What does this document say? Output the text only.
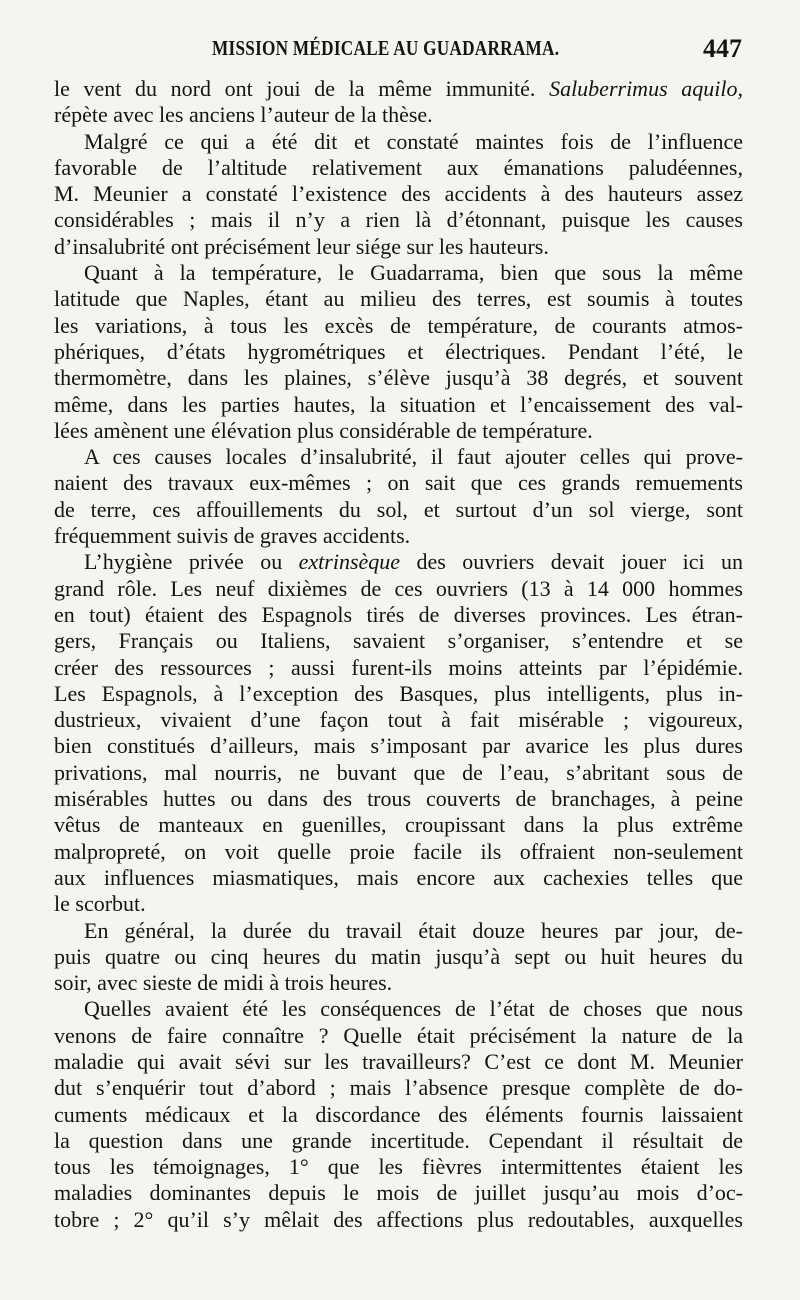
MISSION MÉDICALE AU GUADARRAMA.	447
le vent du nord ont joui de la même immunité. Saluberrimus aquilo,
répète avec les anciens l’auteur de la thèse.
Malgré ce qui a été dit et constaté maintes fois de l’influence
favorable de l’altitude relativement aux émanations paludéennes,
M. Meunier a constaté l’existence des accidents à des hauteurs assez
considérables ; mais il n’y a rien là d’étonnant, puisque les causes
d’insalubrité ont précisément leur siége sur les hauteurs.
Quant à la température, le Guadarrama, bien que sous la même
latitude que Naples, étant au milieu des terres, est soumis à toutes
les variations, à tous les excès de température, de courants atmos-
phériques, d’états hygrométriques et électriques. Pendant l’été, le
thermomètre, dans les plaines, s’élève jusqu’à 38 degrés, et souvent
même, dans les parties hautes, la situation et l’encaissement des val-
lées amènent une élévation plus considérable de température.
A ces causes locales d’insalubrité, il faut ajouter celles qui prove-
naient des travaux eux-mêmes ; on sait que ces grands remuements
de terre, ces affouillements du sol, et surtout d’un sol vierge, sont
fréquemment suivis de graves accidents.
L’hygiène privée ou extrinsèque des ouvriers devait jouer ici un
grand rôle. Les neuf dixièmes de ces ouvriers (13 à 14 000 hommes
en tout) étaient des Espagnols tirés de diverses provinces. Les étran-
gers, Français ou Italiens, savaient s’organiser, s’entendre et se
créer des ressources ; aussi furent-ils moins atteints par l’épidémie.
Les Espagnols, à l’exception des Basques, plus intelligents, plus in-
dustrieux, vivaient d’une façon tout à fait misérable ; vigoureux,
bien constitués d’ailleurs, mais s’imposant par avarice les plus dures
privations, mal nourris, ne buvant que de l’eau, s’abritant sous de
misérables huttes ou dans des trous couverts de branchages, à peine
vêtus de manteaux en guenilles, croupissant dans la plus extrême
malpropreté, on voit quelle proie facile ils offraient non-seulement
aux influences miasmatiques, mais encore aux cachexies telles que
le scorbut.
En général, la durée du travail était douze heures par jour, de-
puis quatre ou cinq heures du matin jusqu’à sept ou huit heures du
soir, avec sieste de midi à trois heures.
Quelles avaient été les conséquences de l’état de choses que nous
venons de faire connaître ? Quelle était précisément la nature de la
maladie qui avait sévi sur les travailleurs? C’est ce dont M. Meunier
dut s’enquérir tout d’abord ; mais l’absence presque complète de do-
cuments médicaux et la discordance des éléments fournis laissaient
la question dans une grande incertitude. Cependant il résultait de
tous les témoignages, 1° que les fièvres intermittentes étaient les
maladies dominantes depuis le mois de juillet jusqu’au mois d’oc-
tobre ; 2° qu’il s’y mêlait des affections plus redoutables, auxquelles
